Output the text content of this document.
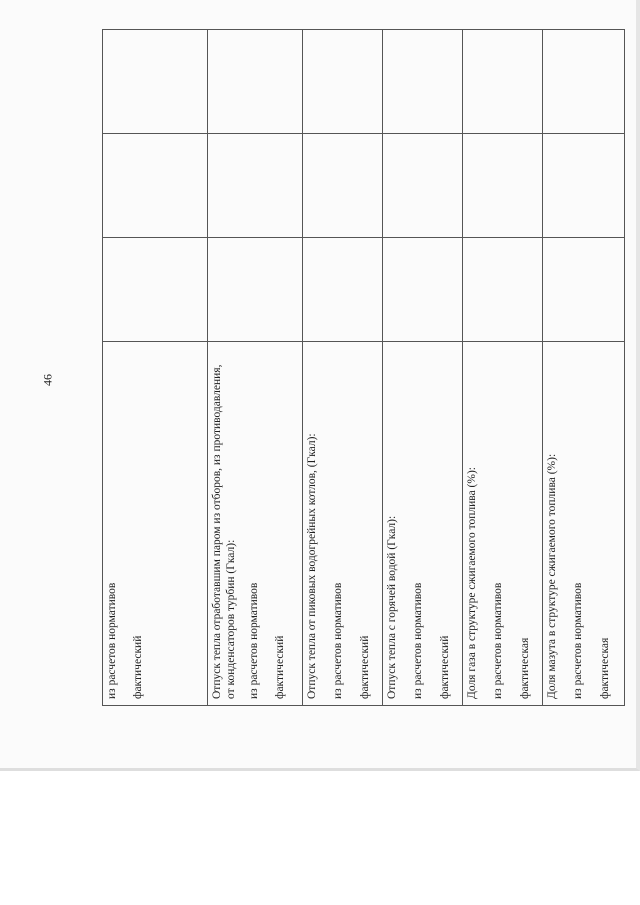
46
из расчетов нормативов фактический			

Отпуск тепла отработавшим паром из отборов, из противодавления, от конденсаторов турбин (Гкал): из расчетов нормативов фактический			

Отпуск тепла от пиковых водогрейных котлов, (Гкал): из расчетов нормативов фактический			

Отпуск тепла с горячей водой (Гкал): из расчетов нормативов фактический			

Доля газа в структуре сжигаемого топлива (%): из расчетов нормативов фактическая			

Доля мазута в структуре сжигаемого топлива (%): из расчетов нормативов фактическая			
